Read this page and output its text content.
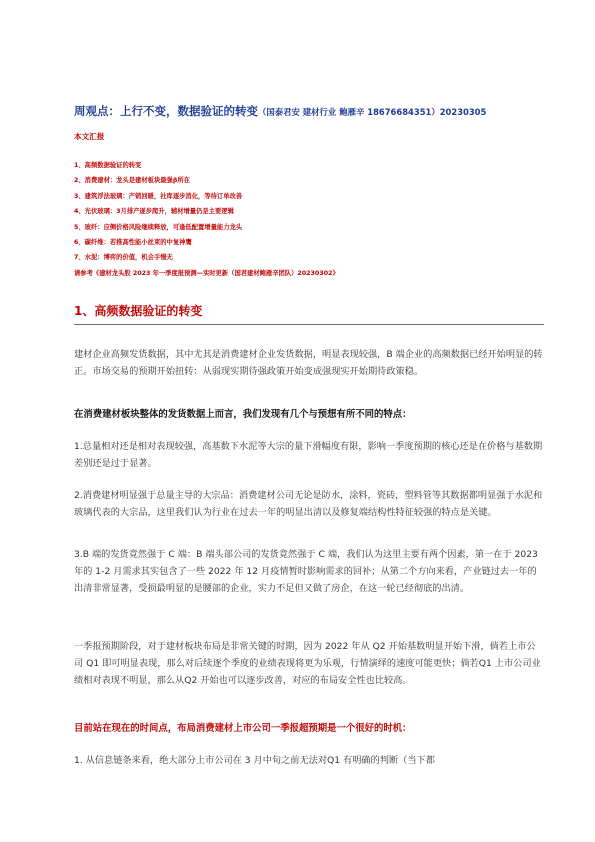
周观点：上行不变，数据验证的转变（国泰君安 建材行业 鲍雁辛 18676684351）20230305
本文汇报
1、高频数据验证的转变
2、消费建材：龙头是建材板块最强β所在
3、建筑浮法玻璃：产销回暖，社库逐步消化，等待订单改善
4、光伏玻璃：3月排产逐步爬升，辅材增量仍是主要逻辑
5、玻纤：应侧价格风险继续释放，可逢低配置增量能力龙头
6、碳纤维：若推高性能小丝束的中复神鹰
7、水泥：博弈的价值，机会手慢无
请参考《建材龙头股 2023 年一季度报预测—实时更新（国君建材鲍雁辛团队）20230302》
1、高频数据验证的转变

建材企业高频发货数据，其中尤其是消费建材企业发货数据，明显表现较强，B 端企业的高频数据已经开始明显的转正。市场交易的预期开始扭转：从弱现实期待强政策开始变成强现实开始期待政策稳。

在消费建材板块整体的发货数据上而言，我们发现有几个与预想有所不同的特点：

1.总量相对还是相对表现较强，高基数下水泥等大宗的量下滑幅度有限，影响一季度预期的核心还是在价格与基数期差别还是过于显著。

2.消费建材明显强于总量主导的大宗品：消费建材公司无论是防水，涂料，瓷砖，塑料管等其数据都明显强于水泥和玻璃代表的大宗品，这里我们认为行业在过去一年的明显出清以及修复端结构性特征较强的特点是关键。

3.B 端的发货竟然强于 C 端：B 端头部公司的发货竟然强于 C 端，我们认为这里主要有两个因素，第一在于 2023 年的 1-2 月需求其实包含了一些 2022 年 12 月疫情暂时影响需求的回补；从第二个方向来看，产业链过去一年的出清非常显著，受损最明显的是腰部的企业，实力不足但又做了房企，在这一轮已经彻底的出清。

一季报预期阶段，对于建材板块布局是非常关键的时期，因为 2022 年从 Q2 开始基数明显开始下滑，倘若上市公司 Q1 即可明显表现，那么对后续逐个季度的业绩表现将更为乐观，行情演绎的速度可能更快；倘若Q1 上市公司业绩相对表现不明显，那么从Q2 开始也可以逐步改善，对应的布局安全性也比较高。

目前站在现在的时间点，布局消费建材上市公司一季报超预期是一个很好的时机：

1. 从信息链条来看，绝大部分上市公司在 3 月中旬之前无法对Q1 有明确的判断（当下都
